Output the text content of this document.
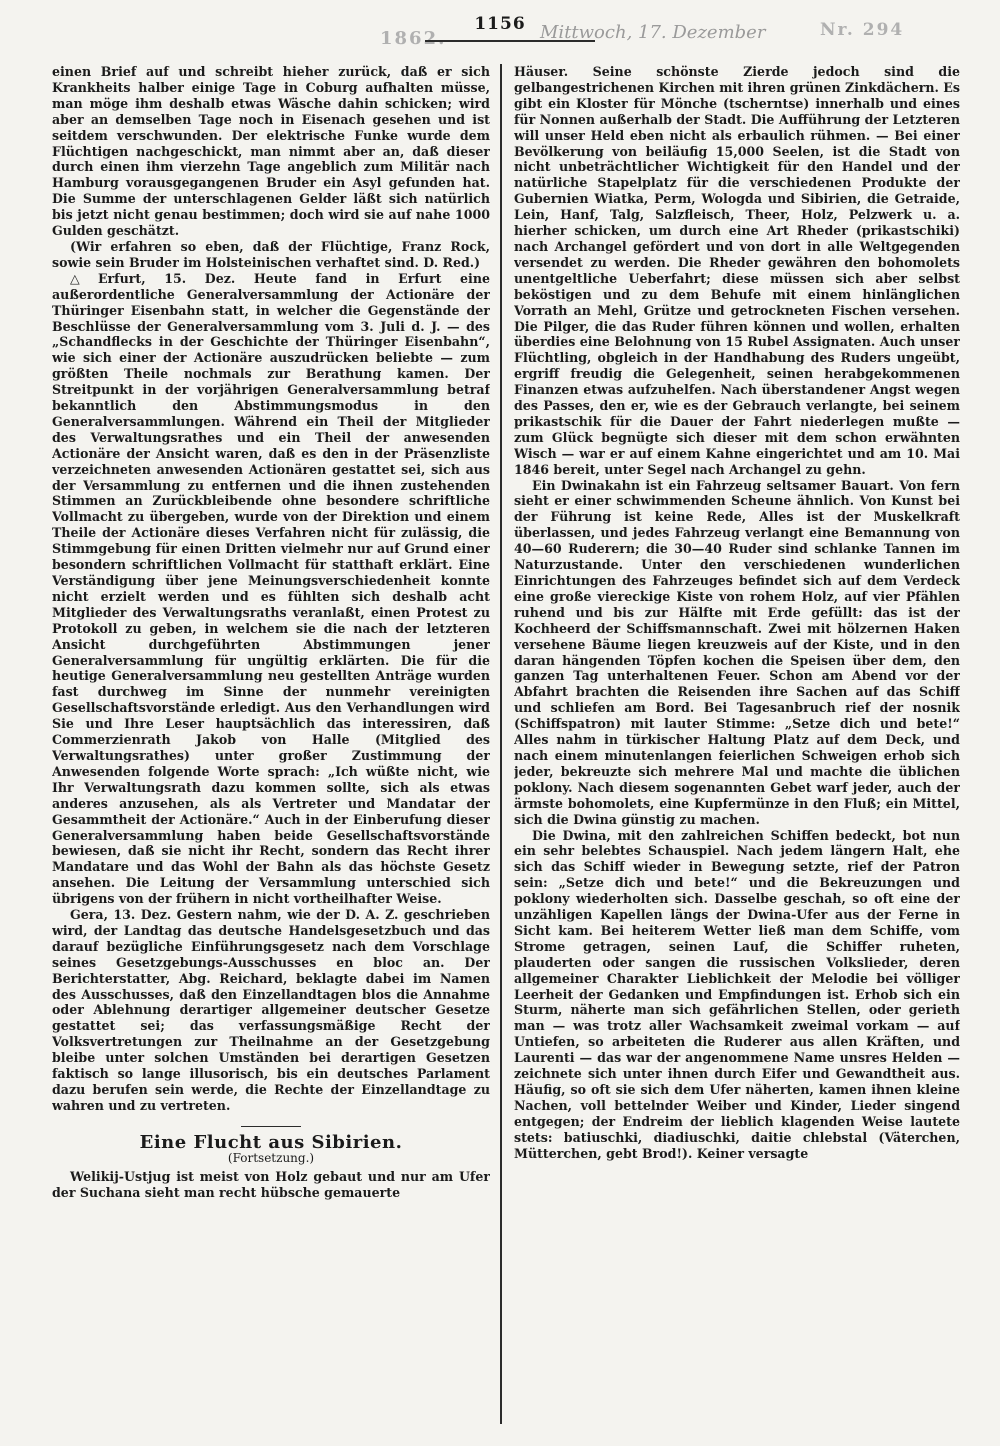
1862.
1156 Mittwoch, 17. Dezember	Nr. 294

einen Brief auf und schreibt hieher zurück, daß er sich Krankheits halber einige Tage in Coburg aufhalten müsse, man möge ihm deshalb etwas Wäsche dahin schicken; wird aber an demselben Tage noch in Eisenach gesehen und ist seitdem verschwunden. Der elektrische Funke wurde dem Flüchtigen nachgeschickt, man nimmt aber an, daß dieser durch einen ihm vierzehn Tage angeblich zum Militär nach Hamburg vorausgegangenen Bruder ein Asyl gefunden hat. Die Summe der unterschlagenen Gelder läßt sich natürlich bis jetzt nicht genau bestimmen; doch wird sie auf nahe 1000 Gulden geschätzt.

(Wir erfahren so eben, daß der Flüchtige, Franz Rock, sowie sein Bruder im Holsteinischen verhaftet sind. D. Red.)

△ Erfurt, 15. Dez. Heute fand in Erfurt eine außerordentliche Generalversammlung der Actionäre der Thüringer Eisenbahn statt, in welcher die Gegenstände der Beschlüsse der Generalversammlung vom 3. Juli d. J. — des „Schandflecks in der Geschichte der Thüringer Eisenbahn“, wie sich einer der Actionäre auszudrücken beliebte — zum größten Theile nochmals zur Berathung kamen. Der Streitpunkt in der vorjährigen Generalversammlung betraf bekanntlich den Abstimmungsmodus in den Generalversammlungen. Während ein Theil der Mitglieder des Verwaltungsrathes und ein Theil der anwesenden Actionäre der Ansicht waren, daß es den in der Präsenzliste verzeichneten anwesenden Actionären gestattet sei, sich aus der Versammlung zu entfernen und die ihnen zustehenden Stimmen an Zurückbleibende ohne besondere schriftliche Vollmacht zu übergeben, wurde von der Direktion und einem Theile der Actionäre dieses Verfahren nicht für zulässig, die Stimmgebung für einen Dritten vielmehr nur auf Grund einer besondern schriftlichen Vollmacht für statthaft erklärt. Eine Verständigung über jene Meinungsverschiedenheit konnte nicht erzielt werden und es fühlten sich deshalb acht Mitglieder des Verwaltungsraths veranlaßt, einen Protest zu Protokoll zu geben, in welchem sie die nach der letzteren Ansicht durchgeführten Abstimmungen jener Generalversammlung für ungültig erklärten. Die für die heutige Generalversammlung neu gestellten Anträge wurden fast durchweg im Sinne der nunmehr vereinigten Gesellschaftsvorstände erledigt. Aus den Verhandlungen wird Sie und Ihre Leser hauptsächlich das interessiren, daß Commerzienrath Jakob von Halle (Mitglied des Verwaltungsrathes) unter großer Zustimmung der Anwesenden folgende Worte sprach: „Ich wüßte nicht, wie Ihr Verwaltungsrath dazu kommen sollte, sich als etwas anderes anzusehen, als als Vertreter und Mandatar der Gesammtheit der Actionäre.“ Auch in der Einberufung dieser Generalversammlung haben beide Gesellschaftsvorstände bewiesen, daß sie nicht ihr Recht, sondern das Recht ihrer Mandatare und das Wohl der Bahn als das höchste Gesetz ansehen. Die Leitung der Versammlung unterschied sich übrigens von der frühern in nicht vortheilhafter Weise.

Gera, 13. Dez. Gestern nahm, wie der D. A. Z. geschrieben wird, der Landtag das deutsche Handelsgesetzbuch und das darauf bezügliche Einführungsgesetz nach dem Vorschlage seines Gesetzgebungs-Ausschusses en bloc an. Der Berichterstatter, Abg. Reichard, beklagte dabei im Namen des Ausschusses, daß den Einzellandtagen blos die Annahme oder Ablehnung derartiger allgemeiner deutscher Gesetze gestattet sei; das verfassungsmäßige Recht der Volksvertretungen zur Theilnahme an der Gesetzgebung bleibe unter solchen Umständen bei derartigen Gesetzen faktisch so lange illusorisch, bis ein deutsches Parlament dazu berufen sein werde, die Rechte der Einzellandtage zu wahren und zu vertreten.

Eine Flucht aus Sibirien.
(Fortsetzung.)

Welikij-Ustjug ist meist von Holz gebaut und nur am Ufer der Suchana sieht man recht hübsche gemauerte

Häuser. Seine schönste Zierde jedoch sind die gelbangestrichenen Kirchen mit ihren grünen Zinkdächern. Es gibt ein Kloster für Mönche (tscherntse) innerhalb und eines für Nonnen außerhalb der Stadt. Die Aufführung der Letzteren will unser Held eben nicht als erbaulich rühmen. — Bei einer Bevölkerung von beiläufig 15,000 Seelen, ist die Stadt von nicht unbeträchtlicher Wichtigkeit für den Handel und der natürliche Stapelplatz für die verschiedenen Produkte der Gubernien Wiatka, Perm, Wologda und Sibirien, die Getraide, Lein, Hanf, Talg, Salzfleisch, Theer, Holz, Pelzwerk u. a. hierher schicken, um durch eine Art Rheder (prikastschiki) nach Archangel gefördert und von dort in alle Weltgegenden versendet zu werden. Die Rheder gewähren den bohomolets unentgeltliche Ueberfahrt; diese müssen sich aber selbst beköstigen und zu dem Behufe mit einem hinlänglichen Vorrath an Mehl, Grütze und getrockneten Fischen versehen. Die Pilger, die das Ruder führen können und wollen, erhalten überdies eine Belohnung von 15 Rubel Assignaten. Auch unser Flüchtling, obgleich in der Handhabung des Ruders ungeübt, ergriff freudig die Gelegenheit, seinen herabgekommenen Finanzen etwas aufzuhelfen. Nach überstandener Angst wegen des Passes, den er, wie es der Gebrauch verlangte, bei seinem prikastschik für die Dauer der Fahrt niederlegen mußte — zum Glück begnügte sich dieser mit dem schon erwähnten Wisch — war er auf einem Kahne eingerichtet und am 10. Mai 1846 bereit, unter Segel nach Archangel zu gehn.

Ein Dwinakahn ist ein Fahrzeug seltsamer Bauart. Von fern sieht er einer schwimmenden Scheune ähnlich. Von Kunst bei der Führung ist keine Rede, Alles ist der Muskelkraft überlassen, und jedes Fahrzeug verlangt eine Bemannung von 40—60 Ruderern; die 30—40 Ruder sind schlanke Tannen im Naturzustande. Unter den verschiedenen wunderlichen Einrichtungen des Fahrzeuges befindet sich auf dem Verdeck eine große viereckige Kiste von rohem Holz, auf vier Pfählen ruhend und bis zur Hälfte mit Erde gefüllt: das ist der Kochheerd der Schiffsmannschaft. Zwei mit hölzernen Haken versehene Bäume liegen kreuzweis auf der Kiste, und in den daran hängenden Töpfen kochen die Speisen über dem, den ganzen Tag unterhaltenen Feuer. Schon am Abend vor der Abfahrt brachten die Reisenden ihre Sachen auf das Schiff und schliefen am Bord. Bei Tagesanbruch rief der nosnik (Schiffspatron) mit lauter Stimme: „Setze dich und bete!“ Alles nahm in türkischer Haltung Platz auf dem Deck, und nach einem minutenlangen feierlichen Schweigen erhob sich jeder, bekreuzte sich mehrere Mal und machte die üblichen poklony. Nach diesem sogenannten Gebet warf jeder, auch der ärmste bohomolets, eine Kupfermünze in den Fluß; ein Mittel, sich die Dwina günstig zu machen.

Die Dwina, mit den zahlreichen Schiffen bedeckt, bot nun ein sehr belebtes Schauspiel. Nach jedem längern Halt, ehe sich das Schiff wieder in Bewegung setzte, rief der Patron sein: „Setze dich und bete!“ und die Bekreuzungen und poklony wiederholten sich. Dasselbe geschah, so oft eine der unzähligen Kapellen längs der Dwina-Ufer aus der Ferne in Sicht kam. Bei heiterem Wetter ließ man dem Schiffe, vom Strome getragen, seinen Lauf, die Schiffer ruheten, plauderten oder sangen die russischen Volkslieder, deren allgemeiner Charakter Lieblichkeit der Melodie bei völliger Leerheit der Gedanken und Empfindungen ist. Erhob sich ein Sturm, näherte man sich gefährlichen Stellen, oder gerieth man — was trotz aller Wachsamkeit zweimal vorkam — auf Untiefen, so arbeiteten die Ruderer aus allen Kräften, und Laurenti — das war der angenommene Name unsres Helden — zeichnete sich unter ihnen durch Eifer und Gewandtheit aus. Häufig, so oft sie sich dem Ufer näherten, kamen ihnen kleine Nachen, voll bettelnder Weiber und Kinder, Lieder singend entgegen; der Endreim der lieblich klagenden Weise lautete stets: batiuschki, diadiuschki, daitie chlebstal (Väterchen, Mütterchen, gebt Brod!). Keiner versagte
